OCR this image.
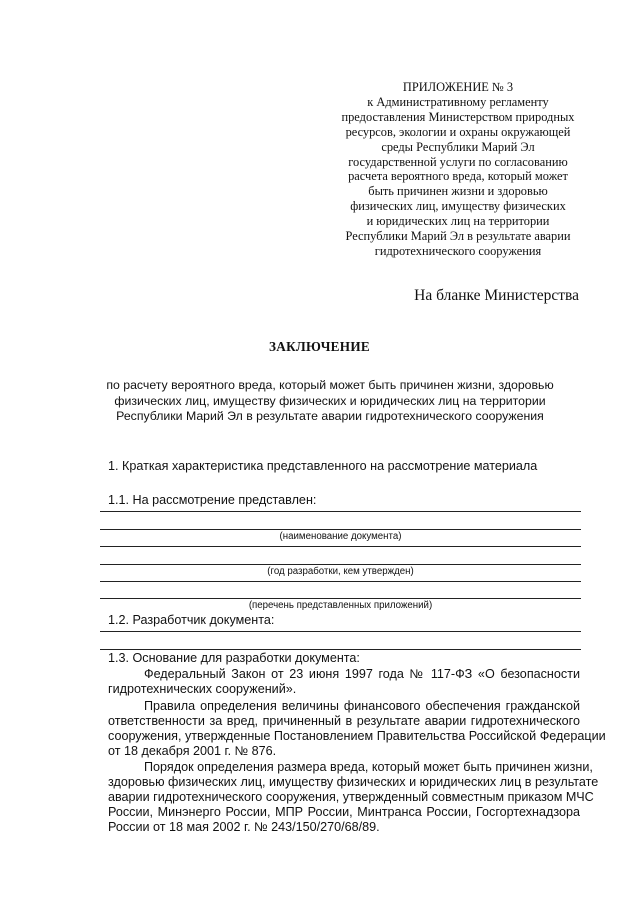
ПРИЛОЖЕНИЕ № 3
к Административному регламенту
предоставления Министерством природных
ресурсов, экологии и охраны окружающей
среды Республики Марий Эл
государственной услуги по согласованию
расчета вероятного вреда, который может
быть причинен жизни и здоровью
физических лиц, имуществу физических
и юридических лиц на территории
Республики Марий Эл в результате аварии
гидротехнического сооружения
На бланке Министерства
ЗАКЛЮЧЕНИЕ
по расчету вероятного вреда, который может быть причинен жизни, здоровью
физических лиц, имуществу физических и юридических лиц на территории
Республики Марий Эл в результате аварии гидротехнического сооружения
1. Краткая характеристика представленного на рассмотрение материала
1.1. На рассмотрение представлен:
(наименование документа)
(год разработки, кем утвержден)
(перечень представленных приложений)
1.2. Разработчик документа:
1.3. Основание для разработки документа:
Федеральный Закон от 23 июня 1997 года № 117-ФЗ «О безопасности
гидротехнических сооружений».
Правила определения величины финансового обеспечения гражданской
ответственности за вред, причиненный в результате аварии гидротехнического
сооружения, утвержденные Постановлением Правительства Российской Федерации
от 18 декабря 2001 г. № 876.
Порядок определения размера вреда, который может быть причинен жизни,
здоровью физических лиц, имуществу физических и юридических лиц в результате
аварии гидротехнического сооружения, утвержденный совместным приказом МЧС
России, Минэнерго России, МПР России, Минтранса России, Госгортехнадзора
России от 18 мая 2002 г. № 243/150/270/68/89.
